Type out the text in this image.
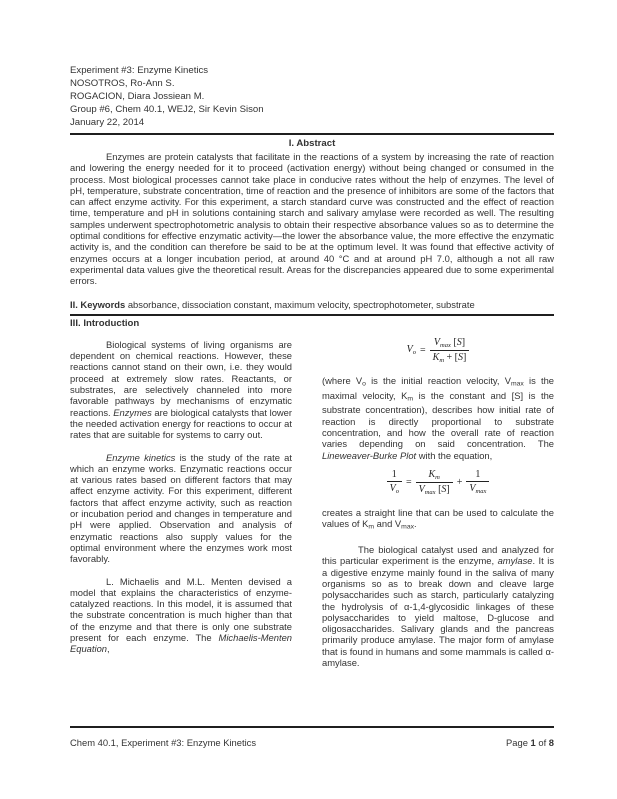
Experiment #3: Enzyme Kinetics
NOSOTROS, Ro-Ann S.
ROGACION, Diara Jossiean M.
Group #6, Chem 40.1, WEJ2, Sir Kevin Sison
January 22, 2014
I. Abstract

Enzymes are protein catalysts that facilitate in the reactions of a system by increasing the rate of reaction and lowering the energy needed for it to proceed (activation energy) without being changed or consumed in the process. Most biological processes cannot take place in conducive rates without the help of enzymes. The level of pH, temperature, substrate concentration, time of reaction and the presence of inhibitors are some of the factors that can affect enzyme activity. For this experiment, a starch standard curve was constructed and the effect of reaction time, temperature and pH in solutions containing starch and salivary amylase were recorded as well. The resulting samples underwent spectrophotometric analysis to obtain their respective absorbance values so as to determine the optimal conditions for effective enzymatic activity—the lower the absorbance value, the more effective the enzymatic activity is, and the condition can therefore be said to be at the optimum level. It was found that effective activity of enzymes occurs at a longer incubation period, at around 40 °C and at around pH 7.0, although a not all raw experimental data values give the theoretical result. Areas for the discrepancies appeared due to some experimental errors.

II. Keywords absorbance, dissociation constant, maximum velocity, spectrophotometer, substrate

III. Introduction

Biological systems of living organisms are dependent on chemical reactions. However, these reactions cannot stand on their own, i.e. they would proceed at extremely slow rates. Reactants, or substrates, are selectively channeled into more favorable pathways by mechanisms of enzymatic reactions. Enzymes are biological catalysts that lower the needed activation energy for reactions to occur at rates that are suitable for systems to carry out.

Enzyme kinetics is the study of the rate at which an enzyme works. Enzymatic reactions occur at various rates based on different factors that may affect enzyme activity. For this experiment, different factors that affect enzyme activity, such as reaction or incubation period and changes in temperature and pH were applied. Observation and analysis of enzymatic reactions also supply values for the optimal environment where the enzymes work most favorably.

L. Michaelis and M.L. Menten devised a model that explains the characteristics of enzyme-catalyzed reactions. In this model, it is assumed that the substrate concentration is much higher than that of the enzyme and that there is only one substrate present for each enzyme. The Michaelis-Menten Equation,

$V_o = \frac{V_{max} [S]}{K_m + [S]}$

(where $V_o$ is the initial reaction velocity, $V_{max}$ is the maximal velocity, $K_m$ is the constant and [S] is the substrate concentration), describes how initial rate of reaction is directly proportional to substrate concentration, and how the overall rate of reaction varies depending on said concentration. The Lineweaver-Burke Plot with the equation,

$\frac{1}{V_o} = \frac{K_m}{V_{max} [S]} + \frac{1}{V_{max}}$

creates a straight line that can be used to calculate the values of $K_m$ and $V_{max}$.

The biological catalyst used and analyzed for this particular experiment is the enzyme, amylase. It is a digestive enzyme mainly found in the saliva of many organisms so as to break down and cleave large polysaccharides such as starch, particularly catalyzing the hydrolysis of α-1,4-glycosidic linkages of these polysaccharides to yield maltose, D-glucose and oligosaccharides. Salivary glands and the pancreas primarily produce amylase. The major form of amylase that is found in humans and some mammals is called α-amylase.

Chem 40.1, Experiment #3: Enzyme Kinetics	Page 1 of 8
